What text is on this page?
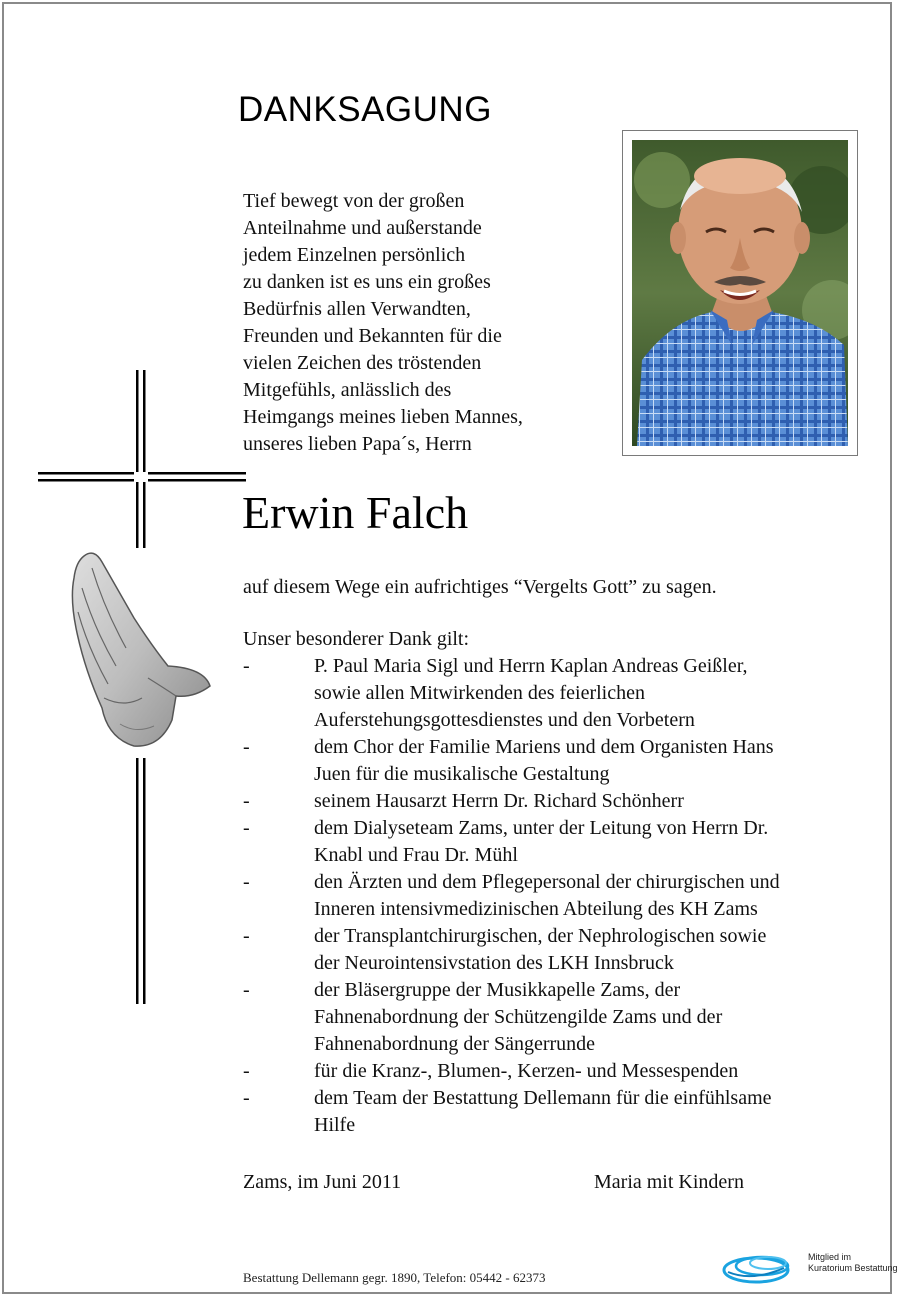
DANKSAGUNG
Tief bewegt von der großen
Anteilnahme und außerstande
jedem Einzelnen persönlich
zu danken ist es uns ein großes
Bedürfnis allen Verwandten,
Freunden und Bekannten für die
vielen Zeichen des tröstenden
Mitgefühls, anlässlich des
Heimgangs meines lieben Mannes,
unseres lieben Papa´s, Herrn
Erwin Falch
auf diesem Wege ein aufrichtiges “Vergelts Gott” zu sagen.
Unser besonderer Dank gilt:
-	P. Paul Maria Sigl und Herrn Kaplan Andreas Geißler,
sowie allen Mitwirkenden des feierlichen
Auferstehungsgottesdienstes und den Vorbetern
-	dem Chor der Familie Mariens und dem Organisten Hans
Juen für die musikalische Gestaltung
-	seinem Hausarzt Herrn Dr. Richard Schönherr
-	dem Dialyseteam Zams, unter der Leitung von Herrn Dr.
Knabl und Frau Dr. Mühl
-	den Ärzten und dem Pflegepersonal der chirurgischen und
Inneren intensivmedizinischen Abteilung des KH Zams
-	der Transplantchirurgischen, der Nephrologischen sowie
der Neurointensivstation des LKH Innsbruck
-	der Bläsergruppe der Musikkapelle Zams, der
Fahnenabordnung der Schützengilde Zams und der
Fahnenabordnung der Sängerrunde
-	für die Kranz-, Blumen-, Kerzen- und Messespenden
-	dem Team der Bestattung Dellemann für die einfühlsame
Hilfe
Zams, im Juni 2011	Maria mit Kindern
Bestattung Dellemann gegr. 1890, Telefon: 05442 - 62373
Mitglied im
Kuratorium Bestattung
